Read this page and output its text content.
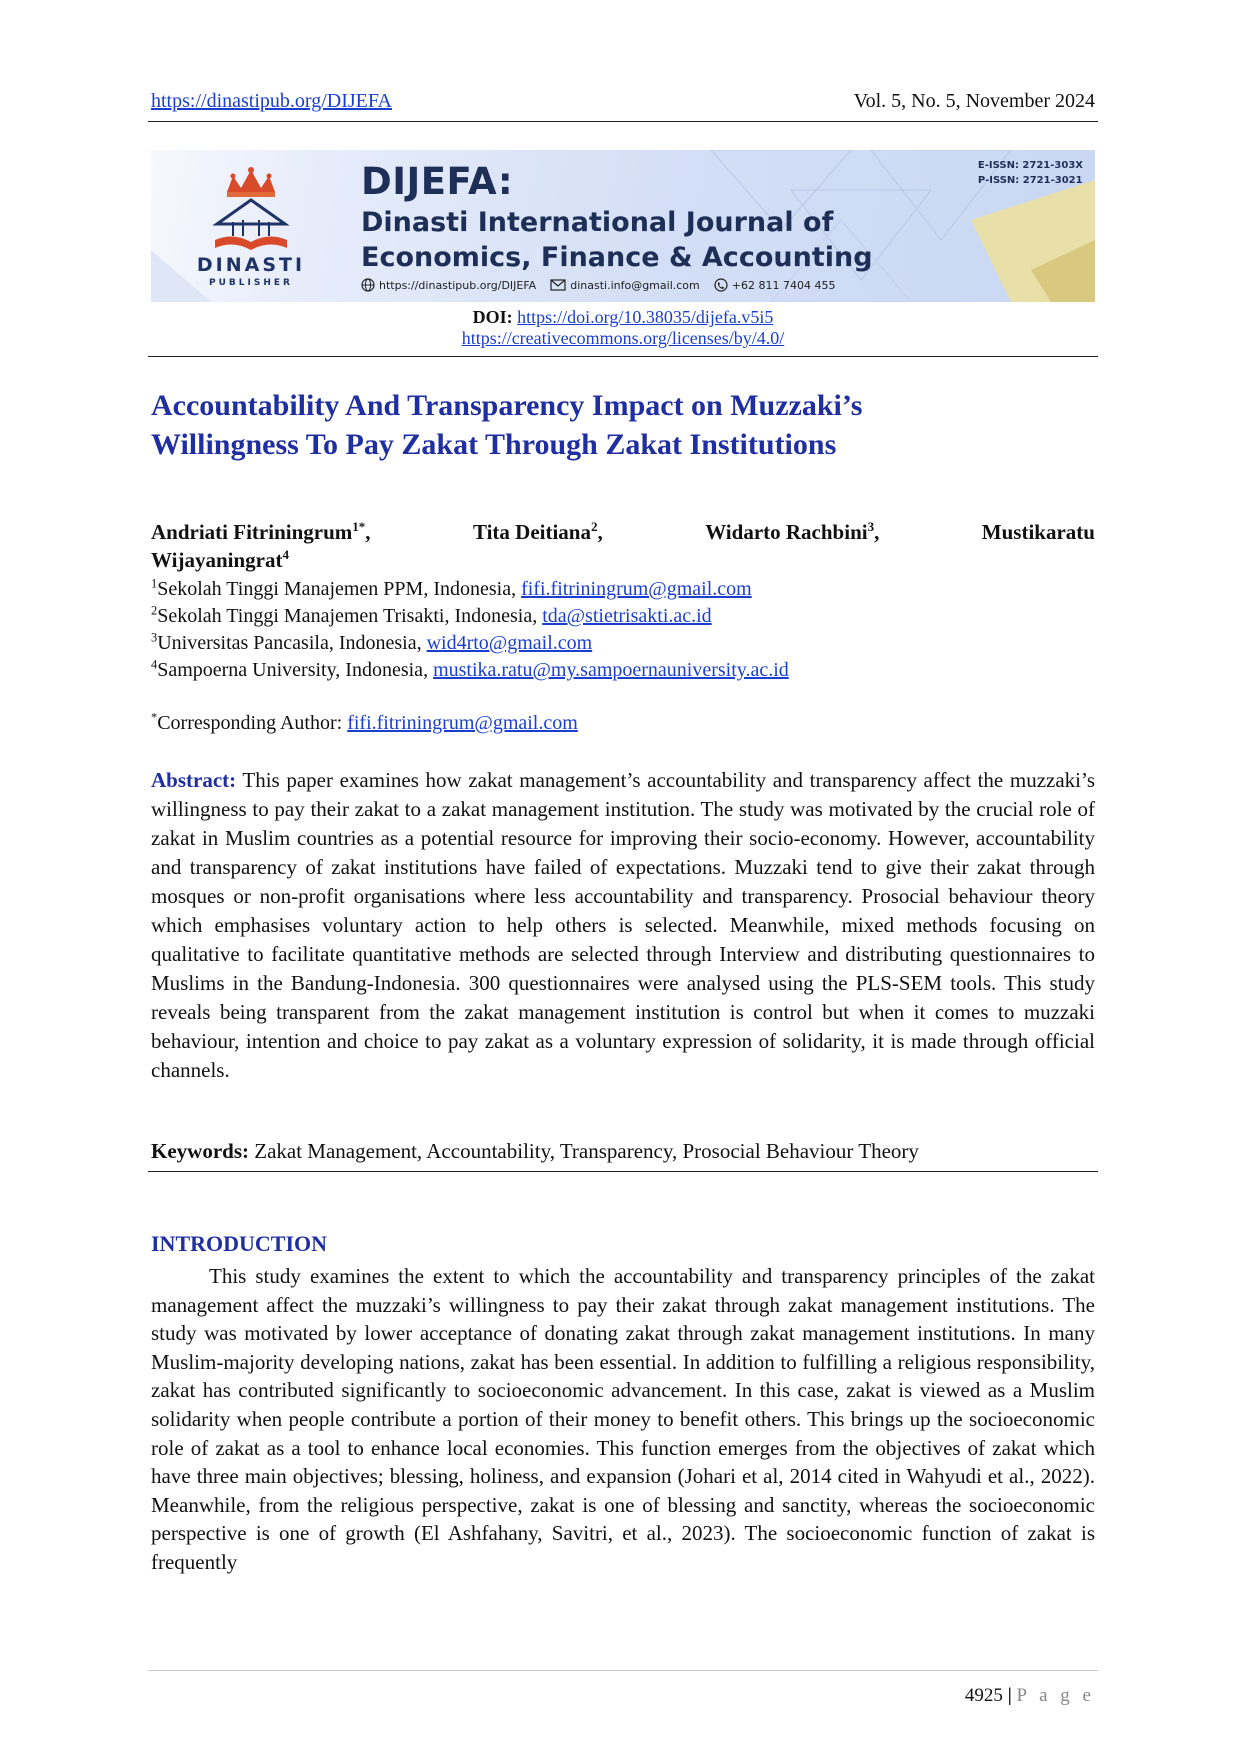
https://dinastipub.org/DIJEFA	Vol. 5, No. 5, November 2024
DINASTI
PUBLISHER
DIJEFA:
Dinasti International Journal of
Economics, Finance & Accounting
E-ISSN: 2721-303X
P-ISSN: 2721-3021
https://dinastipub.org/DIJEFA	dinasti.info@gmail.com	+62 811 7404 455
DOI: https://doi.org/10.38035/dijefa.v5i5
https://creativecommons.org/licenses/by/4.0/
Accountability And Transparency Impact on Muzzaki’s
Willingness To Pay Zakat Through Zakat Institutions
Andriati Fitriningrum$^{1*}$,	Tita Deitiana$^2$,	Widarto Rachbini$^3$,	Mustikaratu
Wijayaningrat$^4$
$^1$Sekolah Tinggi Manajemen PPM, Indonesia, fifi.fitriningrum@gmail.com
$^2$Sekolah Tinggi Manajemen Trisakti, Indonesia, tda@stietrisakti.ac.id
$^3$Universitas Pancasila, Indonesia, wid4rto@gmail.com
$^4$Sampoerna University, Indonesia, mustika.ratu@my.sampoernauniversity.ac.id
*Corresponding Author: fifi.fitriningrum@gmail.com
Abstract: This paper examines how zakat management’s accountability and transparency affect the muzzaki’s willingness to pay their zakat to a zakat management institution. The study was motivated by the crucial role of zakat in Muslim countries as a potential resource for improving their socio-economy. However, accountability and transparency of zakat institutions have failed of expectations. Muzzaki tend to give their zakat through mosques or non-profit organisations where less accountability and transparency. Prosocial behaviour theory which emphasises voluntary action to help others is selected. Meanwhile, mixed methods focusing on qualitative to facilitate quantitative methods are selected through Interview and distributing questionnaires to Muslims in the Bandung-Indonesia. 300 questionnaires were analysed using the PLS-SEM tools. This study reveals being transparent from the zakat management institution is control but when it comes to muzzaki behaviour, intention and choice to pay zakat as a voluntary expression of solidarity, it is made through official channels.
Keywords: Zakat Management, Accountability, Transparency, Prosocial Behaviour Theory
INTRODUCTION
This study examines the extent to which the accountability and transparency principles of the zakat management affect the muzzaki’s willingness to pay their zakat through zakat management institutions. The study was motivated by lower acceptance of donating zakat through zakat management institutions. In many Muslim-majority developing nations, zakat has been essential. In addition to fulfilling a religious responsibility, zakat has contributed significantly to socioeconomic advancement. In this case, zakat is viewed as a Muslim solidarity when people contribute a portion of their money to benefit others. This brings up the socioeconomic role of zakat as a tool to enhance local economies. This function emerges from the objectives of zakat which have three main objectives; blessing, holiness, and expansion (Johari et al, 2014 cited in Wahyudi et al., 2022). Meanwhile, from the religious perspective, zakat is one of blessing and sanctity, whereas the socioeconomic perspective is one of growth (El Ashfahany, Savitri, et al., 2023). The socioeconomic function of zakat is frequently
4925 | P a g e
